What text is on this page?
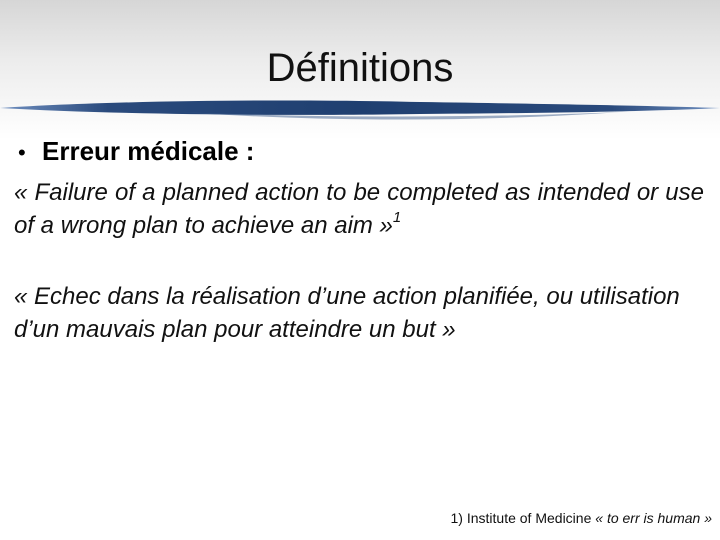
Définitions
• Erreur médicale :
« Failure of a planned action to be completed as intended or use of a wrong plan to achieve an aim »$^1$
« Echec dans la réalisation d’une action planifiée, ou utilisation d’un mauvais plan pour atteindre un but »
1) Institute of Medicine « to err is human »
